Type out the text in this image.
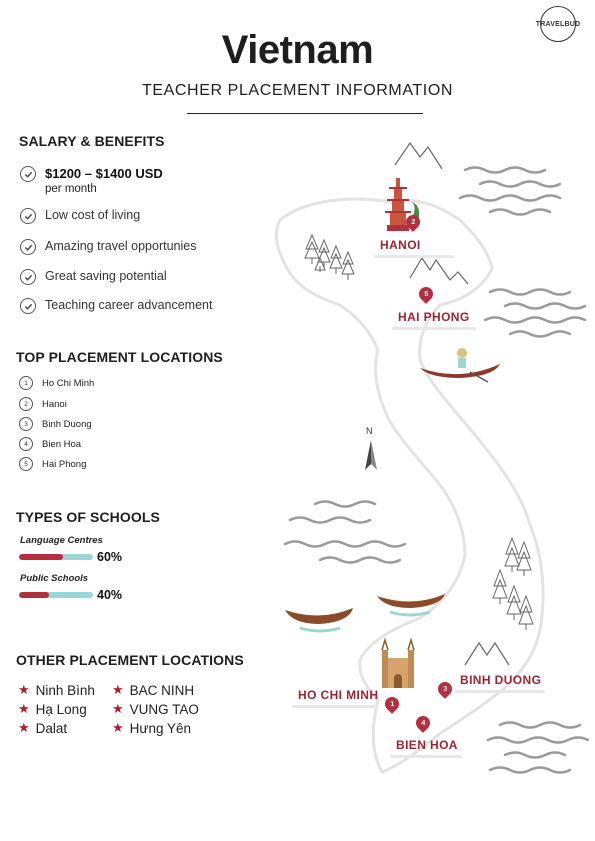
TRAVELBUD
Vietnam
TEACHER PLACEMENT INFORMATION
N
2
HANOI
5
HAI PHONG
HO CHI MINH
1
3
BINH DUONG
4
BIEN HOA
SALARY & BENEFITS
$1200 – $1400 USD
per month
Low cost of living
Amazing travel opportunies
Great saving potential
Teaching career advancement
TOP PLACEMENT LOCATIONS
1	Ho Chi Minh
2	Hanoi
3	Binh Duong
4	Bien Hoa
5	Hai Phong
TYPES OF SCHOOLS
Language Centres
60%
Public Schools
40%
OTHER PLACEMENT LOCATIONS
★ Ninh Bình
★ Hạ Long
★ Dalat
★ BAC NINH
★ VUNG TAO
★ Hưng Yên
